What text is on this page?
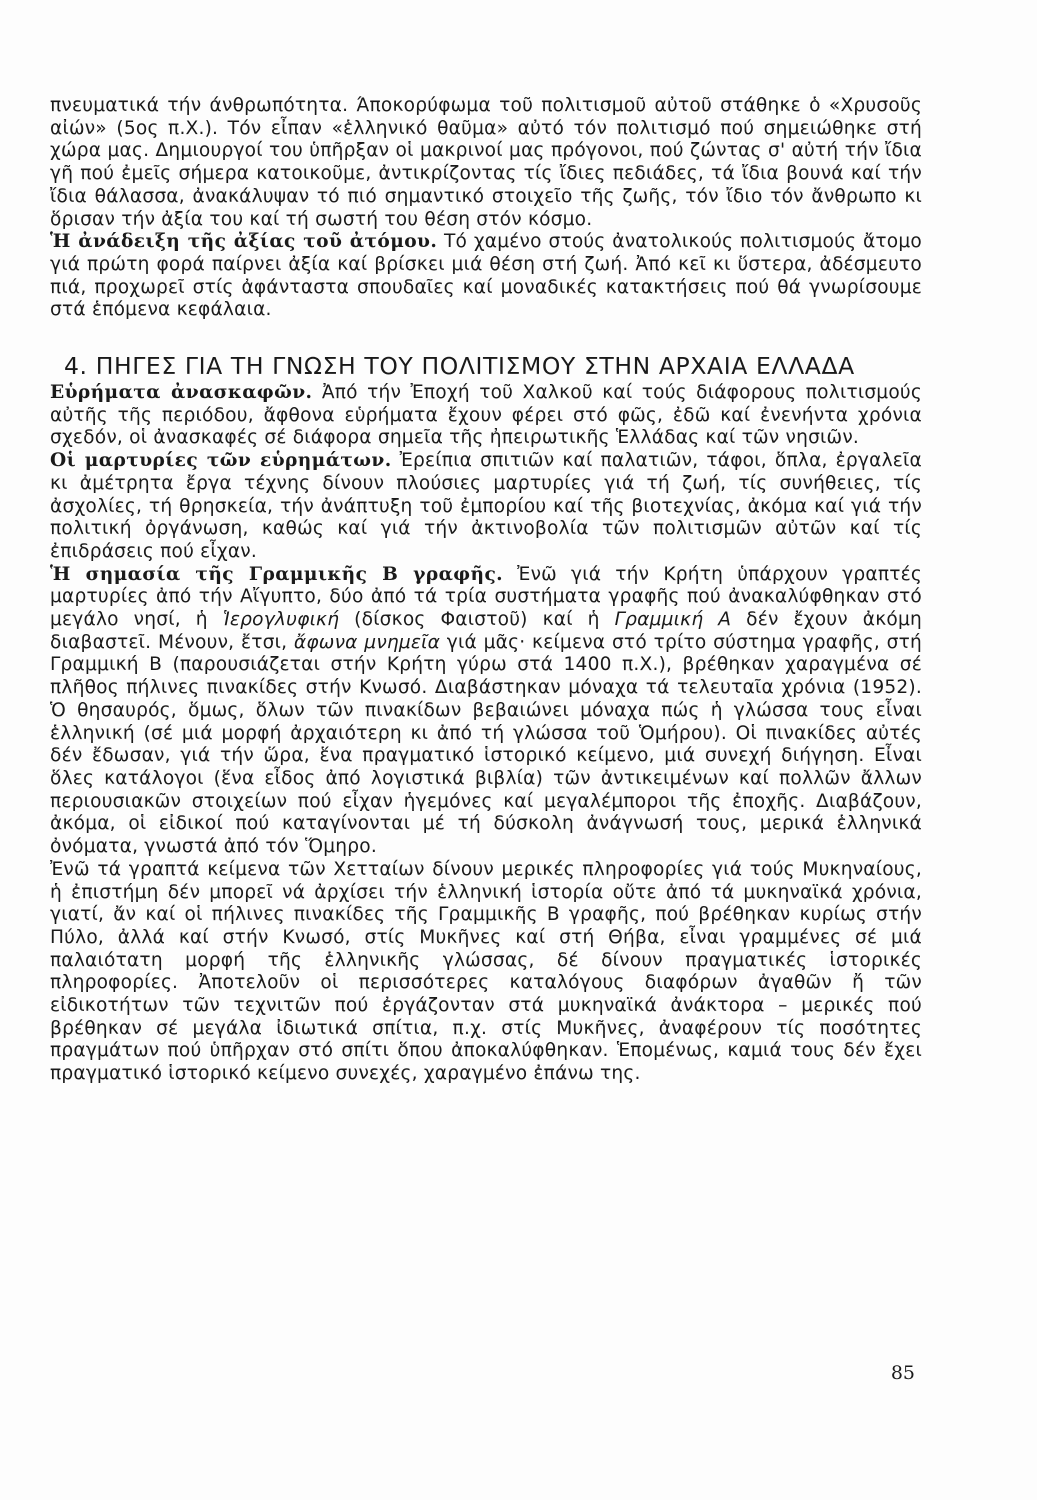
πνευματικά τήν άνθρωπότητα. Άποκορύφωμα τοῦ πολιτισμοῦ αὐτοῦ στάθηκε ὁ «Χρυσοῦς αἰών» (5ος π.Χ.). Τόν εἶπαν «ἑλληνικό θαῦμα» αὐτό τόν πολιτισμό πού σημειώθηκε στή χώρα μας. Δημιουργοί του ὑπῆρξαν οἱ μακρινοί μας πρόγονοι, πού ζώντας σ' αὐτή τήν ἴδια γῆ πού ἐμεῖς σήμερα κατοικοῦμε, ἀντικρίζοντας τίς ἴδιες πεδιάδες, τά ἴδια βουνά καί τήν ἴδια θάλασσα, ἀνακάλυψαν τό πιό σημαντικό στοιχεῖο τῆς ζωῆς, τόν ἴδιο τόν ἄνθρωπο κι ὅρισαν τήν ἀξία του καί τή σωστή του θέση στόν κόσμο.

Ἡ ἀνάδειξη τῆς ἀξίας τοῦ ἀτόμου. Τό χαμένο στούς ἀνατολικούς πολιτισμούς ἄτομο γιά πρώτη φορά παίρνει ἀξία καί βρίσκει μιά θέση στή ζωή. Ἀπό κεῖ κι ὕστερα, ἀδέσμευτο πιά, προχωρεῖ στίς ἀφάνταστα σπουδαῖες καί μοναδικές κατακτήσεις πού θά γνωρίσουμε στά ἑπόμενα κεφάλαια.

4. ΠΗΓΕΣ ΓΙΑ ΤΗ ΓΝΩΣΗ ΤΟΥ ΠΟΛΙΤΙΣΜΟΥ ΣΤΗΝ ΑΡΧΑΙΑ ΕΛΛΑΔΑ

Εὑρήματα ἀνασκαφῶν. Ἀπό τήν Ἐποχή τοῦ Χαλκοῦ καί τούς διάφορους πολιτισμούς αὐτῆς τῆς περιόδου, ἄφθονα εὑρήματα ἔχουν φέρει στό φῶς, ἐδῶ καί ἐνενήντα χρόνια σχεδόν, οἱ ἀνασκαφές σέ διάφορα σημεῖα τῆς ἠπειρωτικῆς Ἑλλάδας καί τῶν νησιῶν.

Οἱ μαρτυρίες τῶν εὑρημάτων. Ἐρείπια σπιτιῶν καί παλατιῶν, τάφοι, ὅπλα, ἐργαλεῖα κι ἀμέτρητα ἔργα τέχνης δίνουν πλούσιες μαρτυρίες γιά τή ζωή, τίς συνήθειες, τίς ἀσχολίες, τή θρησκεία, τήν ἀνάπτυξη τοῦ ἐμπορίου καί τῆς βιοτεχνίας, ἀκόμα καί γιά τήν πολιτική ὀργάνωση, καθώς καί γιά τήν ἀκτινοβολία τῶν πολιτισμῶν αὐτῶν καί τίς ἐπιδράσεις πού εἶχαν.

Ἡ σημασία τῆς Γραμμικῆς Β γραφῆς. Ἐνῶ γιά τήν Κρήτη ὑπάρχουν γραπτές μαρτυρίες ἀπό τήν Αἴγυπτο, δύο ἀπό τά τρία συστήματα γραφῆς πού ἀνακαλύφθηκαν στό μεγάλο νησί, ἡ Ἱερογλυφική (δίσκος Φαιστοῦ) καί ἡ Γραμμική Α δέν ἔχουν ἀκόμη διαβαστεῖ. Μένουν, ἔτσι, ἄφωνα μνημεῖα γιά μᾶς· κείμενα στό τρίτο σύστημα γραφῆς, στή Γραμμική Β (παρουσιάζεται στήν Κρήτη γύρω στά 1400 π.Χ.), βρέθηκαν χαραγμένα σέ πλῆθος πήλινες πινακίδες στήν Κνωσό. Διαβάστηκαν μόναχα τά τελευταῖα χρόνια (1952). Ὁ θησαυρός, ὅμως, ὅλων τῶν πινακίδων βεβαιώνει μόναχα πώς ἡ γλώσσα τους εἶναι ἑλληνική (σέ μιά μορφή ἀρχαιότερη κι ἀπό τή γλώσσα τοῦ Ὁμήρου). Οἱ πινακίδες αὐτές δέν ἔδωσαν, γιά τήν ὥρα, ἕνα πραγματικό ἱστορικό κείμενο, μιά συνεχή διήγηση. Εἶναι ὅλες κατάλογοι (ἕνα εἶδος ἀπό λογιστικά βιβλία) τῶν ἀντικειμένων καί πολλῶν ἄλλων περιουσιακῶν στοιχείων πού εἶχαν ἡγεμόνες καί μεγαλέμποροι τῆς ἐποχῆς. Διαβάζουν, ἀκόμα, οἱ εἰδικοί πού καταγίνονται μέ τή δύσκολη ἀνάγνωσή τους, μερικά ἑλληνικά ὀνόματα, γνωστά ἀπό τόν Ὅμηρο.

Ἐνῶ τά γραπτά κείμενα τῶν Χετταίων δίνουν μερικές πληροφορίες γιά τούς Μυκηναίους, ἡ ἐπιστήμη δέν μπορεῖ νά ἀρχίσει τήν ἑλληνική ἱστορία οὔτε ἀπό τά μυκηναϊκά χρόνια, γιατί, ἄν καί οἱ πήλινες πινακίδες τῆς Γραμμικῆς Β γραφῆς, πού βρέθηκαν κυρίως στήν Πύλο, ἀλλά καί στήν Κνωσό, στίς Μυκῆνες καί στή Θήβα, εἶναι γραμμένες σέ μιά παλαιότατη μορφή τῆς ἑλληνικῆς γλώσσας, δέ δίνουν πραγματικές ἱστορικές πληροφορίες. Ἀποτελοῦν οἱ περισσότερες καταλόγους διαφόρων ἀγαθῶν ἤ τῶν εἰδικοτήτων τῶν τεχνιτῶν πού ἐργάζονταν στά μυκηναϊκά ἀνάκτορα – μερικές πού βρέθηκαν σέ μεγάλα ἰδιωτικά σπίτια, π.χ. στίς Μυκῆνες, ἀναφέρουν τίς ποσότητες πραγμάτων πού ὑπῆρχαν στό σπίτι ὅπου ἀποκαλύφθηκαν. Ἑπομένως, καμιά τους δέν ἔχει πραγματικό ἱστορικό κείμενο συνεχές, χαραγμένο ἐπάνω της.

85
